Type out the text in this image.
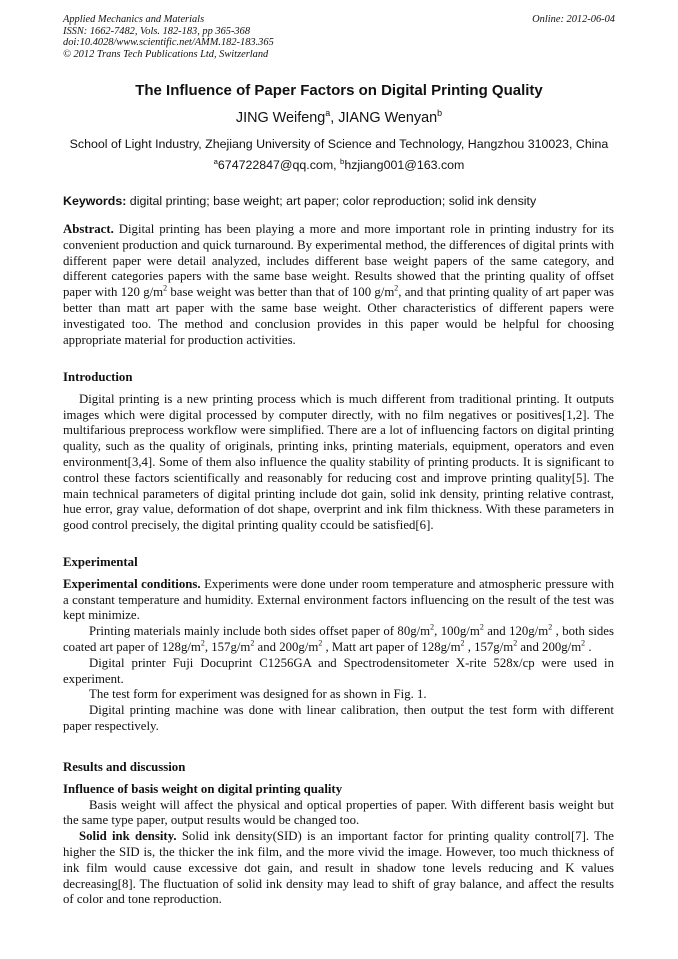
Applied Mechanics and Materials
ISSN: 1662-7482, Vols. 182-183, pp 365-368
doi:10.4028/www.scientific.net/AMM.182-183.365
© 2012 Trans Tech Publications Ltd, Switzerland
Online: 2012-06-04
The Influence of Paper Factors on Digital Printing Quality
JING Weifeng$^a$, JIANG Wenyan$^b$
School of Light Industry, Zhejiang University of Science and Technology, Hangzhou 310023, China
$^a$674722847@qq.com, $^b$hzjiang001@163.com
Keywords: digital printing; base weight; art paper; color reproduction; solid ink density

Abstract. Digital printing has been playing a more and more important role in printing industry for its convenient production and quick turnaround. By experimental method, the differences of digital prints with different paper were detail analyzed, includes different base weight papers of the same category, and different categories papers with the same base weight. Results showed that the printing quality of offset paper with 120 $g/m^2$ base weight was better than that of 100 $g/m^2$, and that printing quality of art paper was better than matt art paper with the same base weight. Other characteristics of different papers were investigated too. The method and conclusion provides in this paper would be helpful for choosing appropriate material for production activities.

Introduction

Digital printing is a new printing process which is much different from traditional printing. It outputs images which were digital processed by computer directly, with no film negatives or positives[1,2]. The multifarious preprocess workflow were simplified. There are a lot of influencing factors on digital printing quality, such as the quality of originals, printing inks, printing materials, equipment, operators and even environment[3,4]. Some of them also influence the quality stability of printing products. It is significant to control these factors scientifically and reasonably for reducing cost and improve printing quality[5]. The main technical parameters of digital printing include dot gain, solid ink density, printing relative contrast, hue error, gray value, deformation of dot shape, overprint and ink film thickness. With these parameters in good control precisely, the digital printing quality ccould be satisfied[6].

Experimental

Experimental conditions. Experiments were done under room temperature and atmospheric pressure with a constant temperature and humidity. External environment factors influencing on the result of the test was kept minimize.

Printing materials mainly include both sides offset paper of $80g/m^2$, $100g/m^2$ and $120g/m^2$ , both sides coated art paper of $128g/m^2$, $157g/m^2$ and $200g/m^2$ , Matt art paper of $128g/m^2$ , $157g/m^2$ and $200g/m^2$ .

Digital printer Fuji Docuprint C1256GA and Spectrodensitometer X-rite 528x/cp were used in experiment.

The test form for experiment was designed for as shown in Fig. 1.

Digital printing machine was done with linear calibration, then output the test form with different paper respectively.

Results and discussion

Influence of basis weight on digital printing quality

Basis weight will affect the physical and optical properties of paper. With different basis weight but the same type paper, output results would be changed too.

Solid ink density. Solid ink density(SID) is an important factor for printing quality control[7]. The higher the SID is, the thicker the ink film, and the more vivid the image. However, too much thickness of ink film would cause excessive dot gain, and result in shadow tone levels reducing and K values decreasing[8]. The fluctuation of solid ink density may lead to shift of gray balance, and affect the results of color and tone reproduction.
